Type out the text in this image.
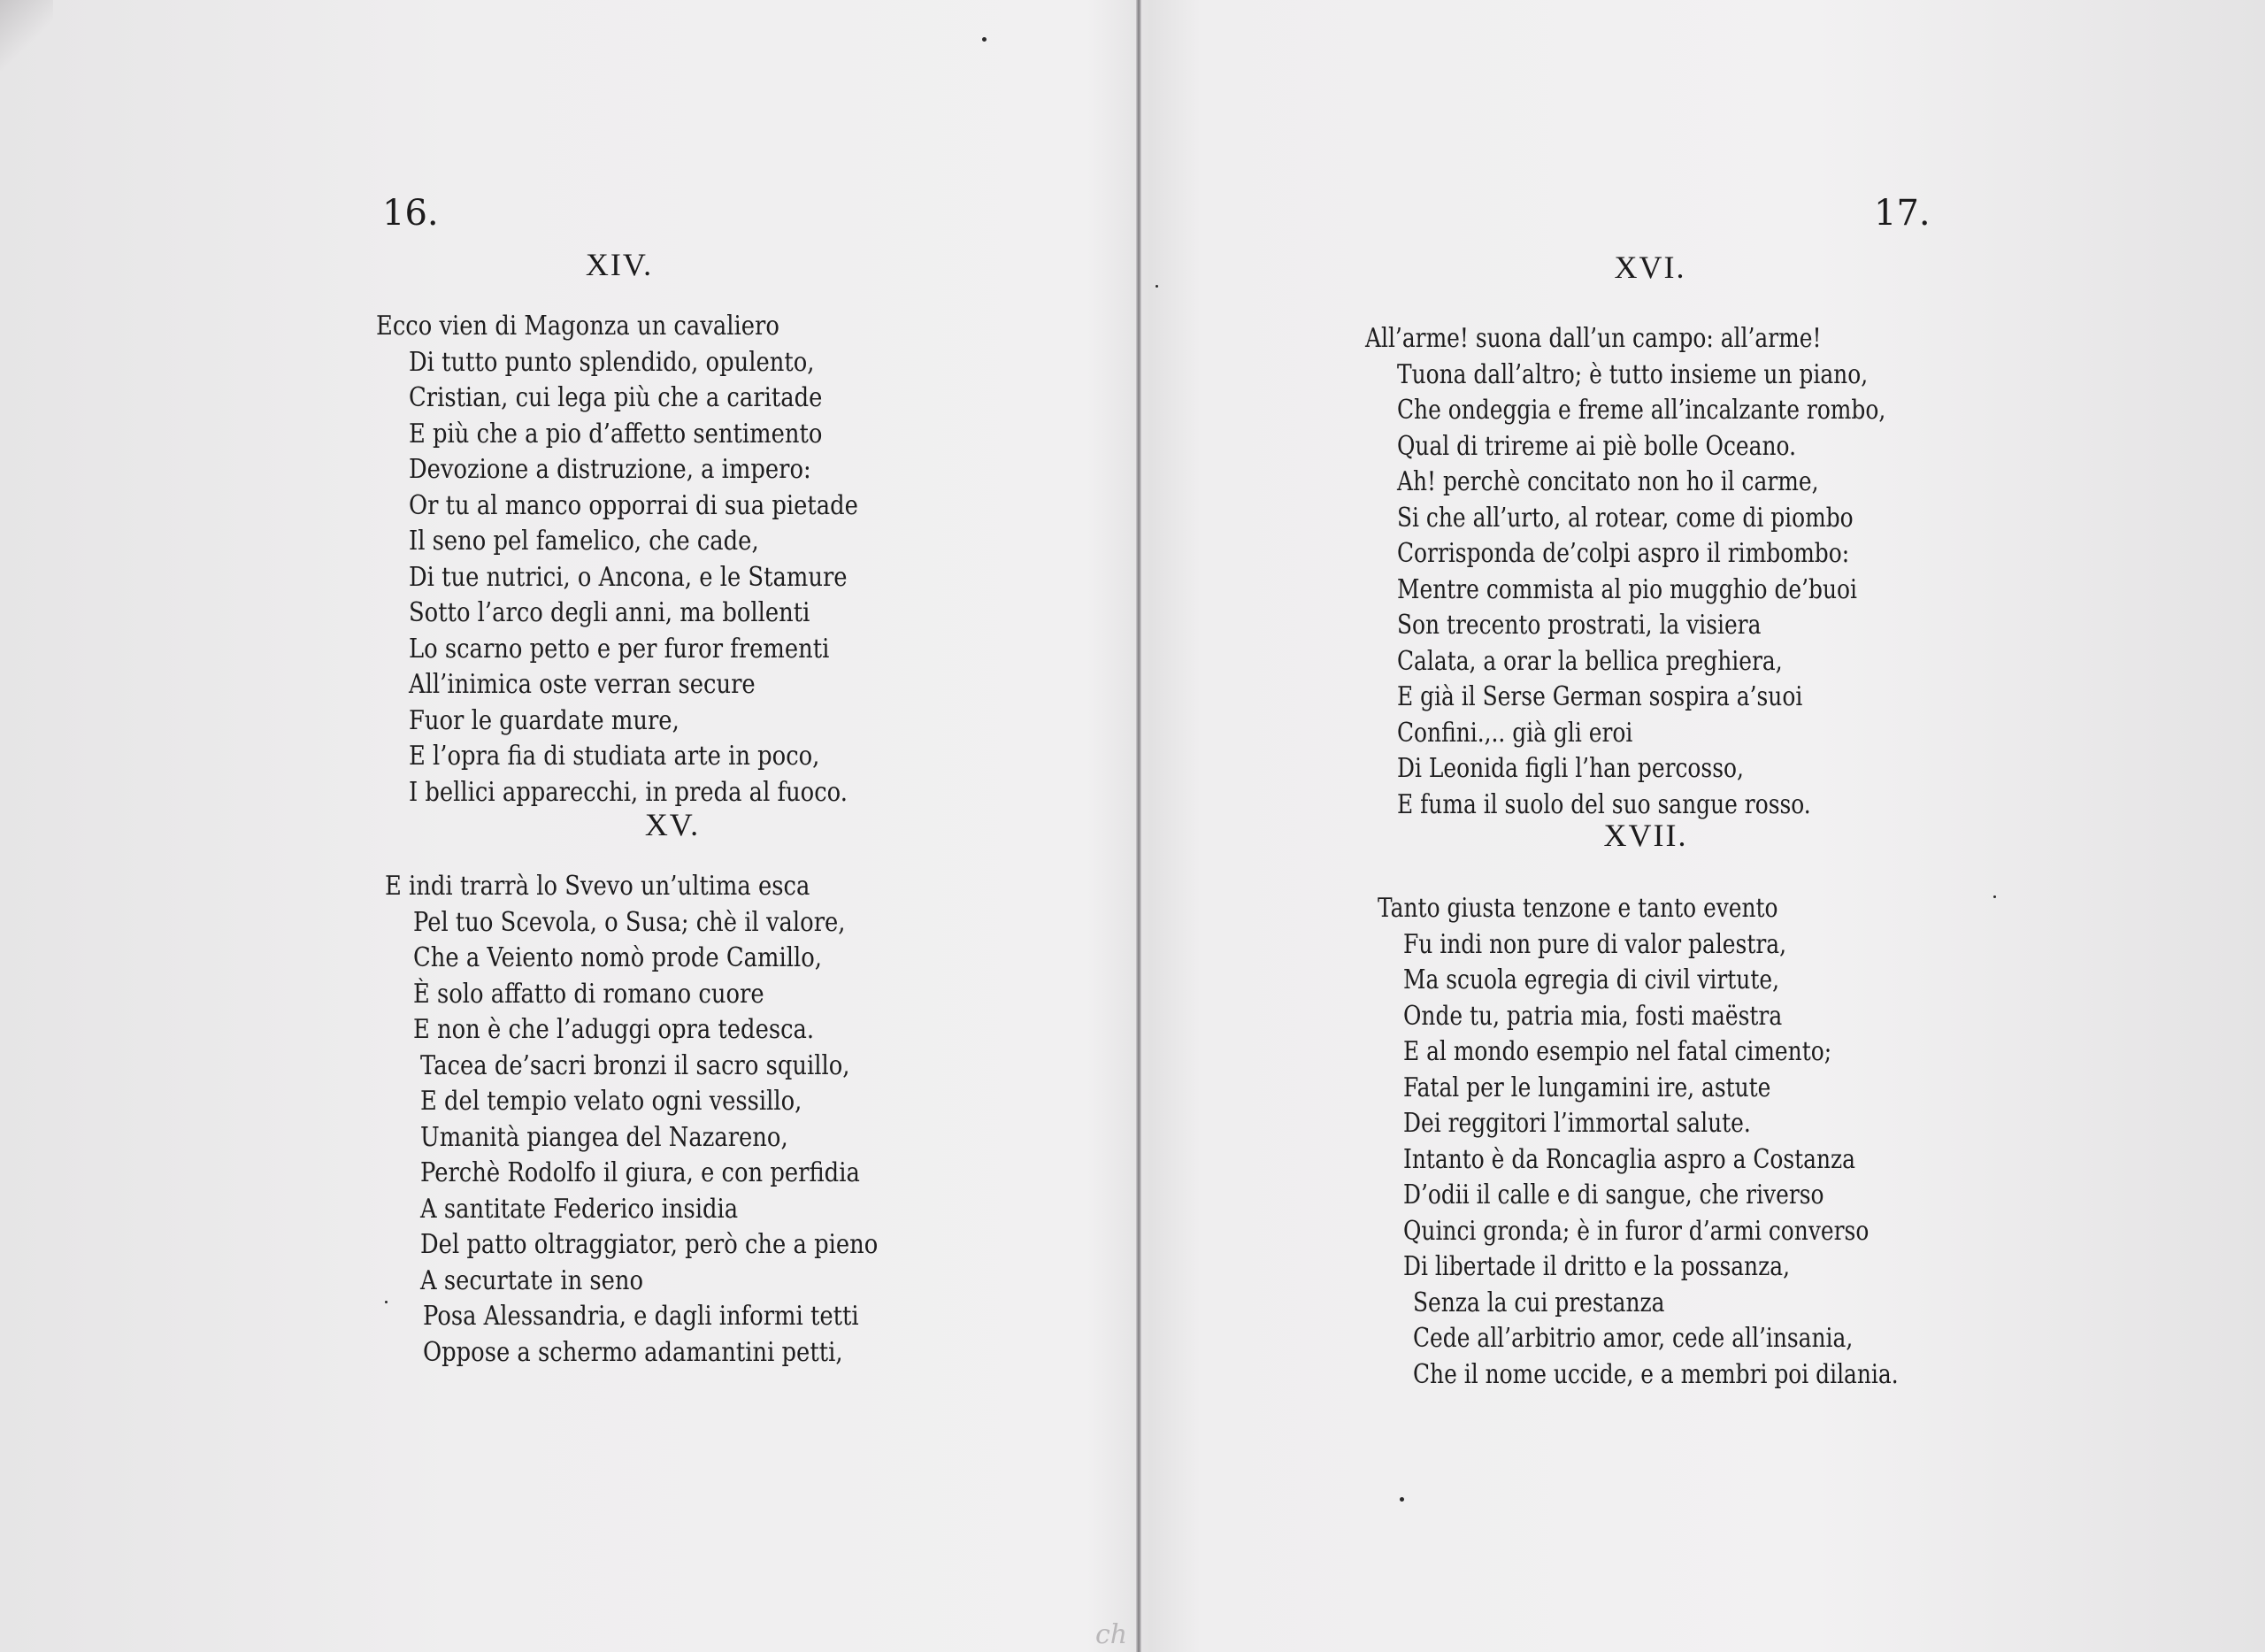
16.
XIV.
Ecco vien di Magonza un cavaliero
Di tutto punto splendido, opulento,
Cristian, cui lega più che a caritade
E più che a pio d’affetto sentimento
Devozione a distruzione, a impero:
Or tu al manco opporrai di sua pietade
Il seno pel famelico, che cade,
Di tue nutrici, o Ancona, e le Stamure
Sotto l’arco degli anni, ma bollenti
Lo scarno petto e per furor frementi
All’inimica oste verran secure
Fuor le guardate mure,
E l’opra fia di studiata arte in poco,
I bellici apparecchi, in preda al fuoco.
XV.
E indi trarrà lo Svevo un’ultima esca
Pel tuo Scevola, o Susa; chè il valore,
Che a Veiento nomò prode Camillo,
È solo affatto di romano cuore
E non è che l’aduggi opra tedesca.
Tacea de’sacri bronzi il sacro squillo,
E del tempio velato ogni vessillo,
Umanità piangea del Nazareno,
Perchè Rodolfo il giura, e con perfidia
A santitate Federico insidia
Del patto oltraggiator, però che a pieno
A securtate in seno
Posa Alessandria, e dagli informi tetti
Oppose a schermo adamantini petti,
17.
XVI.
All’arme! suona dall’un campo: all’arme!
Tuona dall’altro; è tutto insieme un piano,
Che ondeggia e freme all’incalzante rombo,
Qual di trireme ai piè bolle Oceano.
Ah! perchè concitato non ho il carme,
Si che all’urto, al rotear, come di piombo
Corrisponda de’colpi aspro il rimbombo:
Mentre commista al pio mugghio de’buoi
Son trecento prostrati, la visiera
Calata, a orar la bellica preghiera,
E già il Serse German sospira a’suoi
Confini.,.. già gli eroi
Di Leonida figli l’han percosso,
E fuma il suolo del suo sangue rosso.
XVII.
Tanto giusta tenzone e tanto evento
Fu indi non pure di valor palestra,
Ma scuola egregia di civil virtute,
Onde tu, patria mia, fosti maëstra
E al mondo esempio nel fatal cimento;
Fatal per le lungamini ire, astute
Dei reggitori l’immortal salute.
Intanto è da Roncaglia aspro a Costanza
D’odii il calle e di sangue, che riverso
Quinci gronda; è in furor d’armi converso
Di libertade il dritto e la possanza,
Senza la cui prestanza
Cede all’arbitrio amor, cede all’insania,
Che il nome uccide, e a membri poi dilania.
ch
